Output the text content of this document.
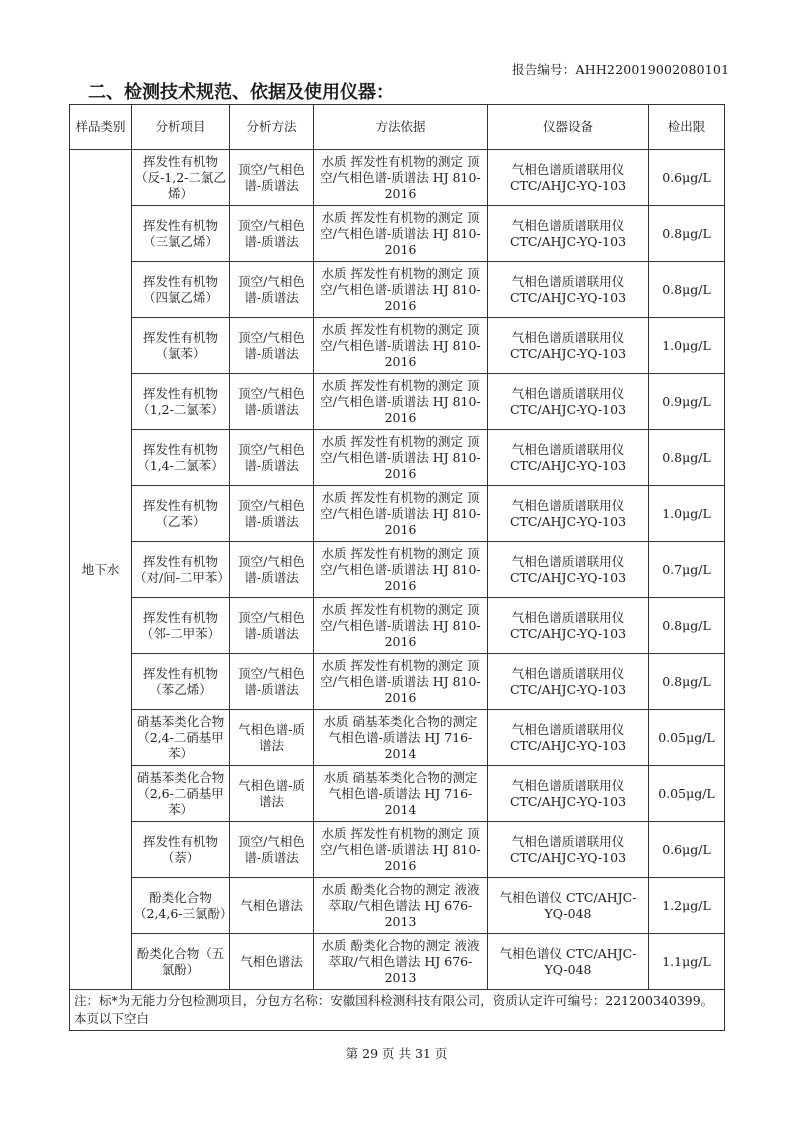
报告编号：AHH220019002080101
二、检测技术规范、依据及使用仪器：
样品类别	分析项目	分析方法	方法依据	仪器设备	检出限
地下水	挥发性有机物（反-1,2-二氯乙烯）	顶空/气相色谱-质谱法	水质 挥发性有机物的测定 顶空/气相色谱-质谱法 HJ 810-2016	气相色谱质谱联用仪 CTC/AHJC-YQ-103	0.6μg/L
	挥发性有机物（三氯乙烯）	顶空/气相色谱-质谱法	水质 挥发性有机物的测定 顶空/气相色谱-质谱法 HJ 810-2016	气相色谱质谱联用仪 CTC/AHJC-YQ-103	0.8μg/L
	挥发性有机物（四氯乙烯）	顶空/气相色谱-质谱法	水质 挥发性有机物的测定 顶空/气相色谱-质谱法 HJ 810-2016	气相色谱质谱联用仪 CTC/AHJC-YQ-103	0.8μg/L
	挥发性有机物（氯苯）	顶空/气相色谱-质谱法	水质 挥发性有机物的测定 顶空/气相色谱-质谱法 HJ 810-2016	气相色谱质谱联用仪 CTC/AHJC-YQ-103	1.0μg/L
	挥发性有机物（1,2-二氯苯）	顶空/气相色谱-质谱法	水质 挥发性有机物的测定 顶空/气相色谱-质谱法 HJ 810-2016	气相色谱质谱联用仪 CTC/AHJC-YQ-103	0.9μg/L
	挥发性有机物（1,4-二氯苯）	顶空/气相色谱-质谱法	水质 挥发性有机物的测定 顶空/气相色谱-质谱法 HJ 810-2016	气相色谱质谱联用仪 CTC/AHJC-YQ-103	0.8μg/L
	挥发性有机物（乙苯）	顶空/气相色谱-质谱法	水质 挥发性有机物的测定 顶空/气相色谱-质谱法 HJ 810-2016	气相色谱质谱联用仪 CTC/AHJC-YQ-103	1.0μg/L
	挥发性有机物（对/间-二甲苯）	顶空/气相色谱-质谱法	水质 挥发性有机物的测定 顶空/气相色谱-质谱法 HJ 810-2016	气相色谱质谱联用仪 CTC/AHJC-YQ-103	0.7μg/L
	挥发性有机物（邻-二甲苯）	顶空/气相色谱-质谱法	水质 挥发性有机物的测定 顶空/气相色谱-质谱法 HJ 810-2016	气相色谱质谱联用仪 CTC/AHJC-YQ-103	0.8μg/L
	挥发性有机物（苯乙烯）	顶空/气相色谱-质谱法	水质 挥发性有机物的测定 顶空/气相色谱-质谱法 HJ 810-2016	气相色谱质谱联用仪 CTC/AHJC-YQ-103	0.8μg/L
	硝基苯类化合物（2,4-二硝基甲苯）	气相色谱-质谱法	水质 硝基苯类化合物的测定 气相色谱-质谱法 HJ 716-2014	气相色谱质谱联用仪 CTC/AHJC-YQ-103	0.05μg/L
	硝基苯类化合物（2,6-二硝基甲苯）	气相色谱-质谱法	水质 硝基苯类化合物的测定 气相色谱-质谱法 HJ 716-2014	气相色谱质谱联用仪 CTC/AHJC-YQ-103	0.05μg/L
	挥发性有机物（萘）	顶空/气相色谱-质谱法	水质 挥发性有机物的测定 顶空/气相色谱-质谱法 HJ 810-2016	气相色谱质谱联用仪 CTC/AHJC-YQ-103	0.6μg/L
	酚类化合物（2,4,6-三氯酚）	气相色谱法	水质 酚类化合物的测定 液液萃取/气相色谱法 HJ 676-2013	气相色谱仪 CTC/AHJC-YQ-048	1.2μg/L
	酚类化合物（五氯酚）	气相色谱法	水质 酚类化合物的测定 液液萃取/气相色谱法 HJ 676-2013	气相色谱仪 CTC/AHJC-YQ-048	1.1μg/L

注：标*为无能力分包检测项目，分包方名称：安徽国科检测科技有限公司，资质认定许可编号：221200340399。
本页以下空白					
第 29 页 共 31 页
